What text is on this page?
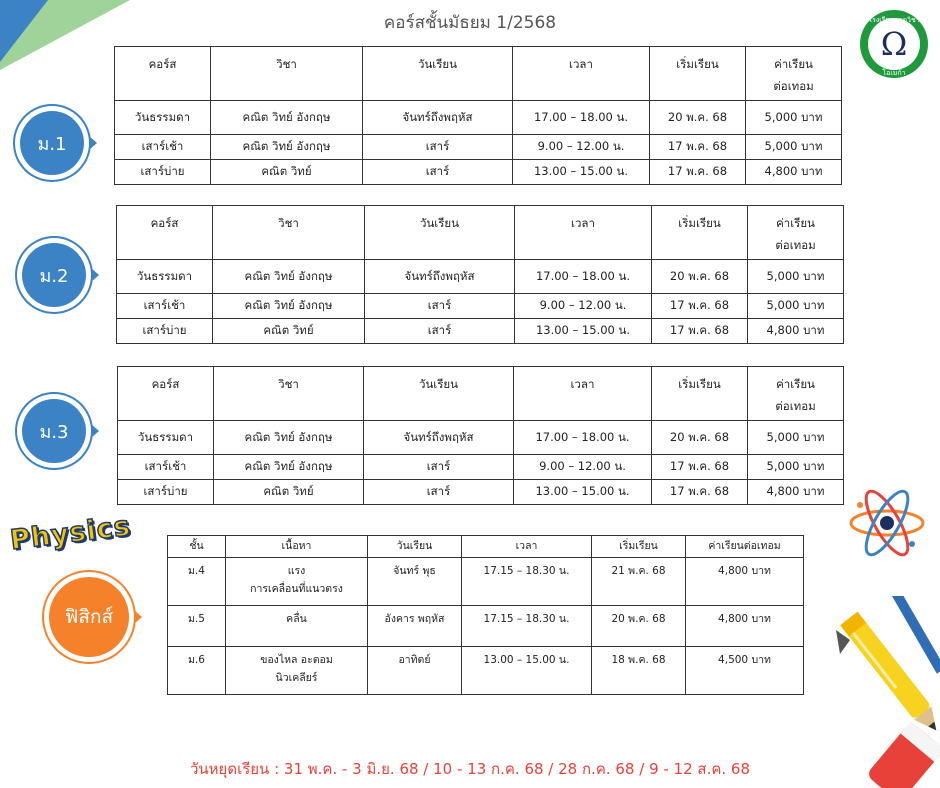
คอร์สชั้นมัธยม 1/2568
Ω
โรงเรียนกวดวิชา
โอเมก้า
ม.1
ม.2
ม.3
คอร์ส	วิชา	วันเรียน	เวลา	เริ่มเรียน	ค่าเรียน
ต่อเทอม
วันธรรมดา	คณิต วิทย์ อังกฤษ	จันทร์ถึงพฤหัส	17.00 – 18.00 น.	20 พ.ค. 68	5,000 บาท
เสาร์เช้า	คณิต วิทย์ อังกฤษ	เสาร์	9.00 – 12.00 น.	17 พ.ค. 68	5,000 บาท
เสาร์บ่าย	คณิต วิทย์	เสาร์	13.00 – 15.00 น.	17 พ.ค. 68	4,800 บาท
คอร์ส	วิชา	วันเรียน	เวลา	เริ่มเรียน	ค่าเรียน
ต่อเทอม
วันธรรมดา	คณิต วิทย์ อังกฤษ	จันทร์ถึงพฤหัส	17.00 – 18.00 น.	20 พ.ค. 68	5,000 บาท
เสาร์เช้า	คณิต วิทย์ อังกฤษ	เสาร์	9.00 – 12.00 น.	17 พ.ค. 68	5,000 บาท
เสาร์บ่าย	คณิต วิทย์	เสาร์	13.00 – 15.00 น.	17 พ.ค. 68	4,800 บาท
คอร์ส	วิชา	วันเรียน	เวลา	เริ่มเรียน	ค่าเรียน
ต่อเทอม
วันธรรมดา	คณิต วิทย์ อังกฤษ	จันทร์ถึงพฤหัส	17.00 – 18.00 น.	20 พ.ค. 68	5,000 บาท
เสาร์เช้า	คณิต วิทย์ อังกฤษ	เสาร์	9.00 – 12.00 น.	17 พ.ค. 68	5,000 บาท
เสาร์บ่าย	คณิต วิทย์	เสาร์	13.00 – 15.00 น.	17 พ.ค. 68	4,800 บาท
Physics
ฟิสิกส์
ชั้น	เนื้อหา	วันเรียน	เวลา	เริ่มเรียน	ค่าเรียนต่อเทอม
ม.4	แรง
การเคลื่อนที่แนวตรง	จันทร์ พุธ	17.15 – 18.30 น.	21 พ.ค. 68	4,800 บาท
ม.5	คลื่น	อังคาร พฤหัส	17.15 – 18.30 น.	20 พ.ค. 68	4,800 บาท
ม.6	ของไหล อะตอม
นิวเคลียร์	อาทิตย์	13.00 – 15.00 น.	18 พ.ค. 68	4,500 บาท
วันหยุดเรียน : 31 พ.ค. - 3 มิ.ย. 68 / 10 - 13 ก.ค. 68 / 28 ก.ค. 68 / 9 - 12 ส.ค. 68
